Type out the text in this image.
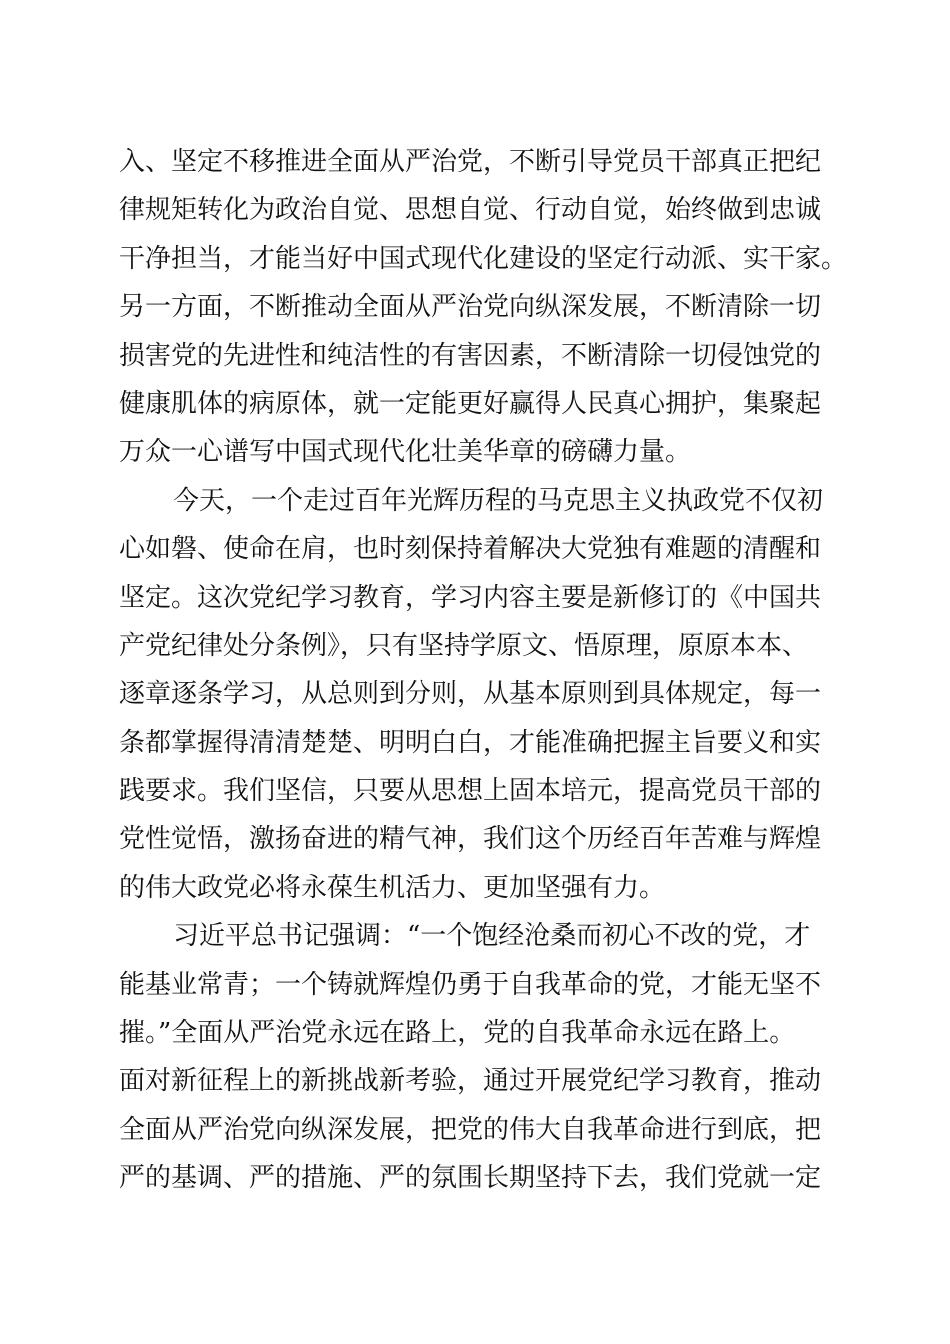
入、坚定不移推进全面从严治党，不断引导党员干部真正把纪
律规矩转化为政治自觉、思想自觉、行动自觉，始终做到忠诚
干净担当，才能当好中国式现代化建设的坚定行动派、实干家。
另一方面，不断推动全面从严治党向纵深发展，不断清除一切
损害党的先进性和纯洁性的有害因素，不断清除一切侵蚀党的
健康肌体的病原体，就一定能更好赢得人民真心拥护，集聚起
万众一心谱写中国式现代化壮美华章的磅礴力量。
今天，一个走过百年光辉历程的马克思主义执政党不仅初
心如磐、使命在肩，也时刻保持着解决大党独有难题的清醒和
坚定。这次党纪学习教育，学习内容主要是新修订的《中国共
产党纪律处分条例》，只有坚持学原文、悟原理，原原本本、
逐章逐条学习，从总则到分则，从基本原则到具体规定，每一
条都掌握得清清楚楚、明明白白，才能准确把握主旨要义和实
践要求。我们坚信，只要从思想上固本培元，提高党员干部的
党性觉悟，激扬奋进的精气神，我们这个历经百年苦难与辉煌
的伟大政党必将永葆生机活力、更加坚强有力。
习近平总书记强调：“一个饱经沧桑而初心不改的党，才
能基业常青；一个铸就辉煌仍勇于自我革命的党，才能无坚不
摧。”全面从严治党永远在路上，党的自我革命永远在路上。
面对新征程上的新挑战新考验，通过开展党纪学习教育，推动
全面从严治党向纵深发展，把党的伟大自我革命进行到底，把
严的基调、严的措施、严的氛围长期坚持下去，我们党就一定
